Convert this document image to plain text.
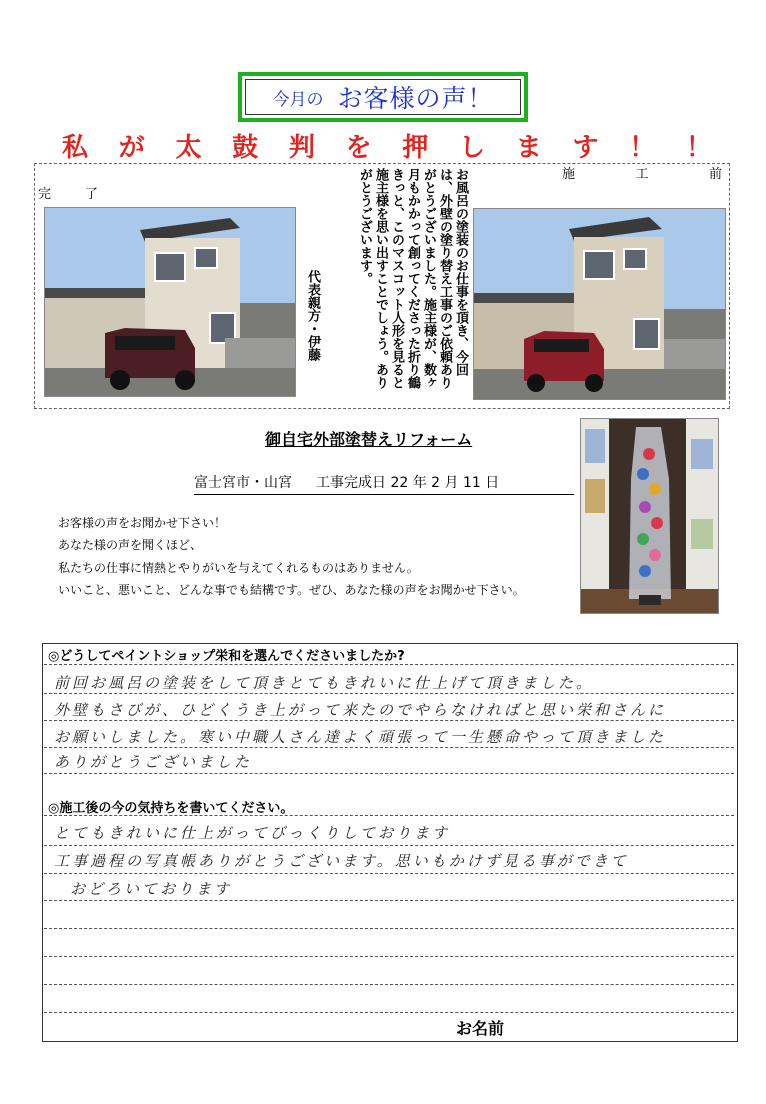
今月の お客様の声！
私 が 太 鼓 判 を 押 し ま す ！ ！
完	了
施	工	前
お風呂の塗装のお仕事を頂き、今回は、外壁の塗り替え工事のご依頼ありがとうございました。施主様が、数ヶ月もかかって創ってくださった折り鶴きっと、このマスコット人形を見ると施主様を思い出すことでしょう。ありがとうございます。
代表親方・伊藤
御自宅外部塗替えリフォーム
富士宮市・山宮 工事完成日 22 年 2 月 11 日
お客様の声をお聞かせ下さい！
あなた様の声を聞くほど、
私たちの仕事に情熱とやりがいを与えてくれるものはありません。
いいこと、悪いこと、どんな事でも結構です。ぜひ、あなた様の声をお聞かせ下さい。
◎どうしてペイントショップ栄和を選んでくださいましたか?
前回お風呂の塗装をして頂きとてもきれいに仕上げて頂きました。
外壁もさびが、ひどくうき上がって来たのでやらなければと思い栄和さんに
お願いしました。寒い中職人さん達よく頑張って一生懸命やって頂きました
ありがとうございました
◎施工後の今の気持ちを書いてください。
とてもきれいに仕上がってびっくりしております
工事過程の写真帳ありがとうございます。思いもかけず見る事ができて
おどろいております
お名前
